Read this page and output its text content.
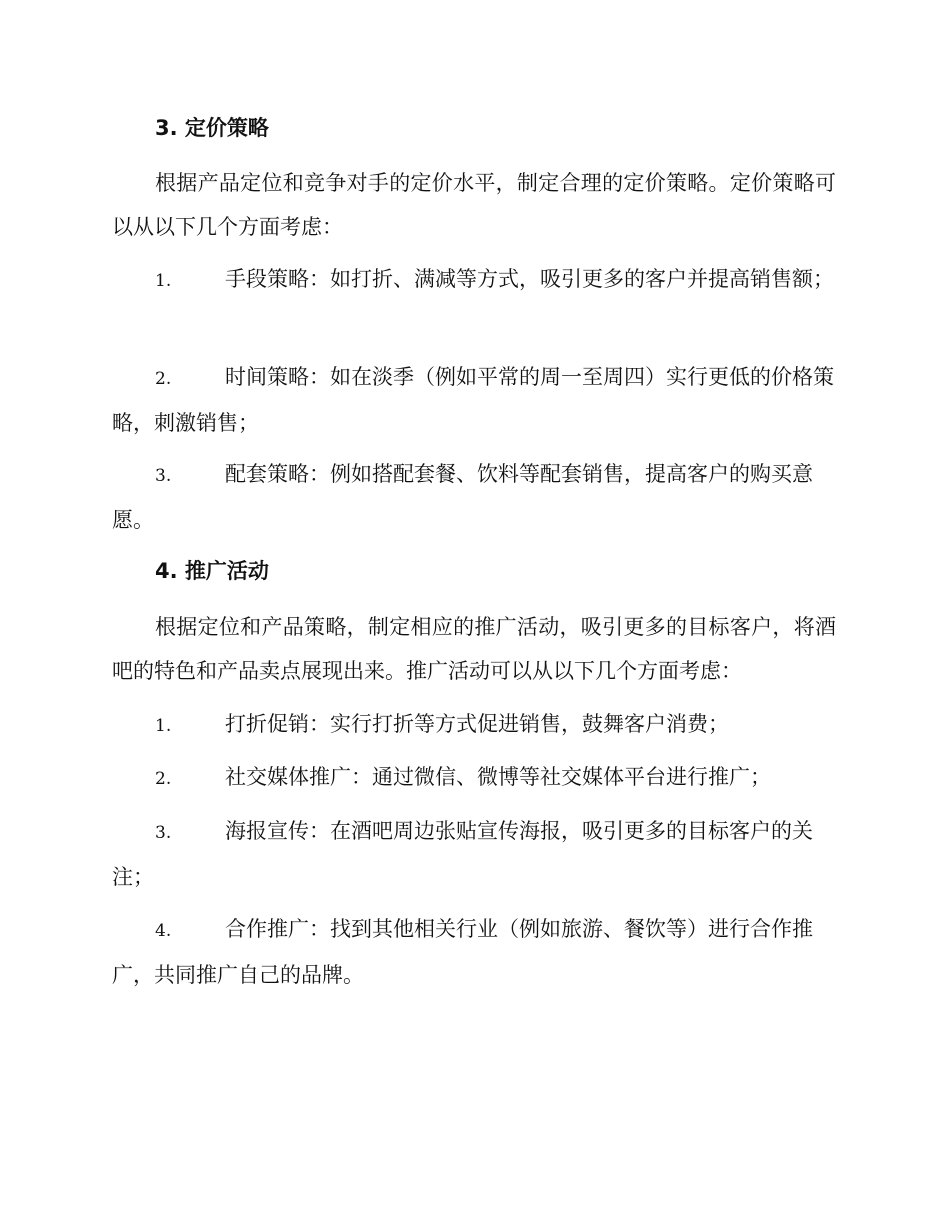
3. 定价策略

根据产品定位和竞争对手的定价水平，制定合理的定价策略。定价策略可以从以下几个方面考虑：

1.	手段策略：如打折、满减等方式，吸引更多的客户并提高销售额；

2.	时间策略：如在淡季（例如平常的周一至周四）实行更低的价格策略，刺激销售；

3.	配套策略：例如搭配套餐、饮料等配套销售，提高客户的购买意愿。

4. 推广活动

根据定位和产品策略，制定相应的推广活动，吸引更多的目标客户，将酒吧的特色和产品卖点展现出来。推广活动可以从以下几个方面考虑：

1.	打折促销：实行打折等方式促进销售，鼓舞客户消费；

2.	社交媒体推广：通过微信、微博等社交媒体平台进行推广；

3.	海报宣传：在酒吧周边张贴宣传海报，吸引更多的目标客户的关注；

4.	合作推广：找到其他相关行业（例如旅游、餐饮等）进行合作推广，共同推广自己的品牌。
